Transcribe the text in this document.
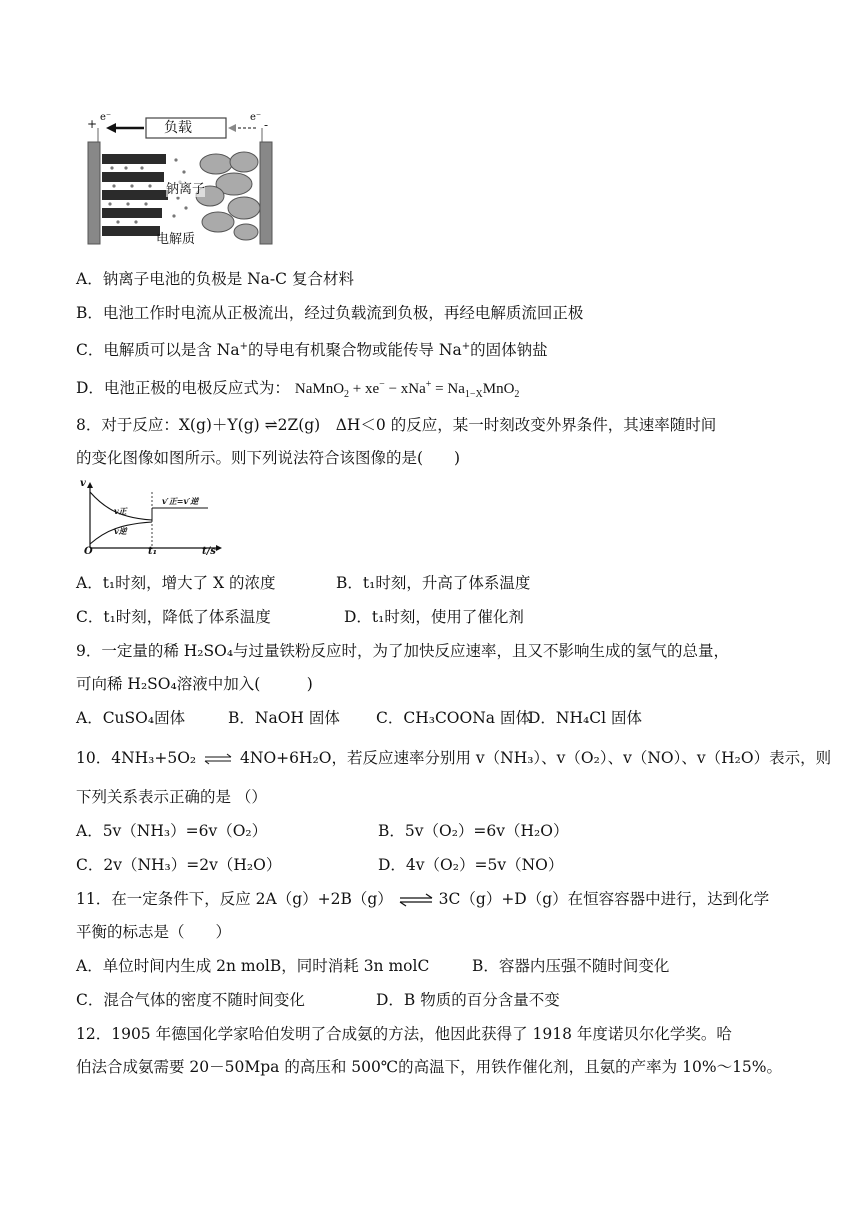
负载
+ e⁻	e⁻
-
钠离子
电解质
A．钠离子电池的负极是 Na-C 复合材料
B．电池工作时电流从正极流出，经过负载流到负极，再经电解质流回正极
C．电解质可以是含 Na+的导电有机聚合物或能传导 Na+的固体钠盐
D．电池正极的电极反应式为： NaMnO$_2$ + $xe^- - xNa^+ = Na_{1-X}MnO_2$
8．对于反应：X(g)＋Y(g) ⇌2Z(g)　ΔH＜0 的反应，某一时刻改变外界条件，其速率随时间
的变化图像如图所示。则下列说法符合该图像的是(　　)
v
t/s
O	t₁
v正
v逆
v′正=v′逆
A．t₁时刻，增大了 X 的浓度	B．t₁时刻，升高了体系温度
C．t₁时刻，降低了体系温度	D．t₁时刻，使用了催化剂
9．一定量的稀 H₂SO₄与过量铁粉反应时，为了加快反应速率，且又不影响生成的氢气的总量，
可向稀 H₂SO₄溶液中加入(　　　)
A．CuSO₄固体	B．NaOH 固体 C．CH₃COONa 固体
D．NH₄Cl 固体
10．4NH₃+5O₂ ⇌ 4NO+6H₂O，若反应速率分别用 v（NH₃）、v（O₂）、v（NO）、v（H₂O）表示，则
下列关系表示正确的是 （）
A．5v（NH₃）=6v（O₂）	B．5v（O₂）=6v（H₂O）
C．2v（NH₃）=2v（H₂O）	D．4v（O₂）=5v（NO）
11．在一定条件下，反应 2A（g）+2B（g） ⇌ 3C（g）+D（g）在恒容容器中进行，达到化学
平衡的标志是（　　）
A．单位时间内生成 2n molB，同时消耗 3n molC	B．容器内压强不随时间变化
C．混合气体的密度不随时间变化	D．B 物质的百分含量不变
12．1905 年德国化学家哈伯发明了合成氨的方法，他因此获得了 1918 年度诺贝尔化学奖。哈
伯法合成氨需要 20－50Mpa 的高压和 500℃的高温下，用铁作催化剂，且氨的产率为 10%～15%。
